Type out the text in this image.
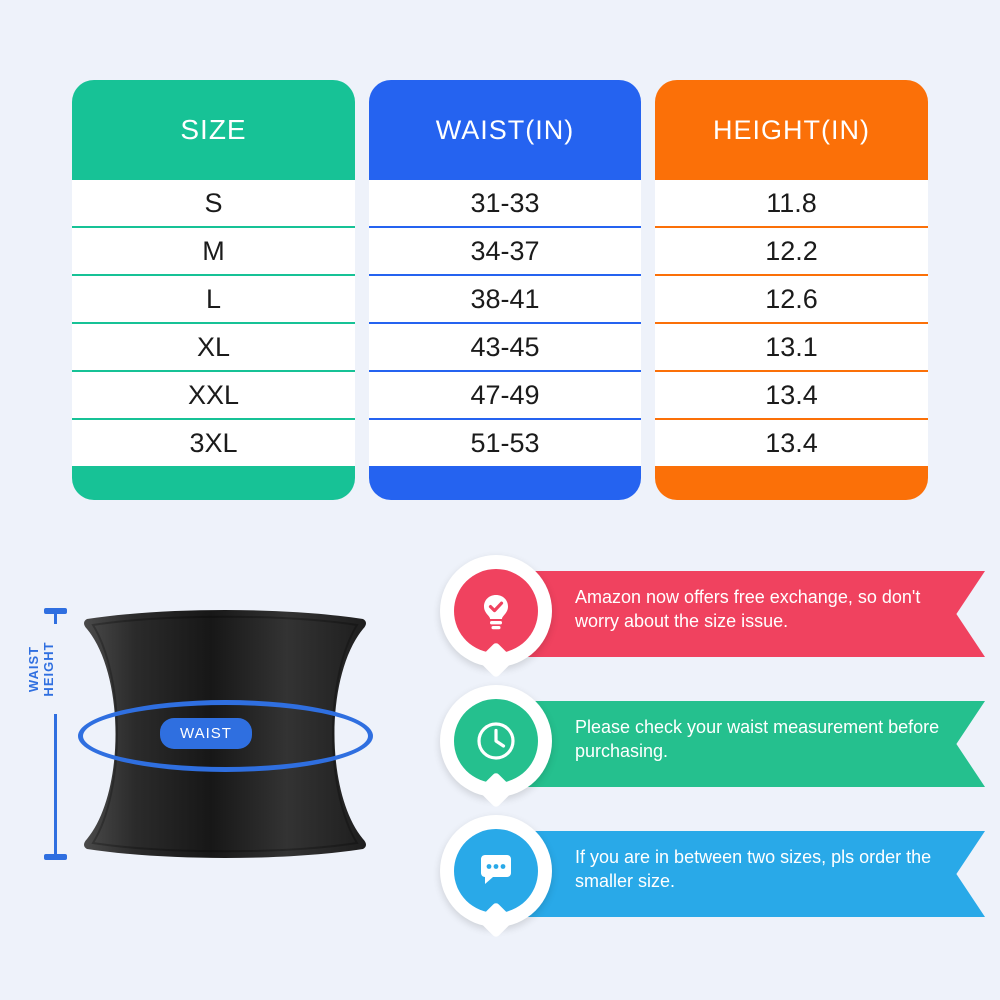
SIZE
S
M
L
XL
XXL
3XL
WAIST(IN)
31-33
34-37
38-41
43-45
47-49
51-53
HEIGHT(IN)
11.8
12.2
12.6
13.1
13.4
13.4
WAIST
WAIST HEIGHT
Amazon now offers free exchange, so don't worry about the size issue.
Please check your waist measurement before purchasing.
If you are in between two sizes, pls order the smaller size.
